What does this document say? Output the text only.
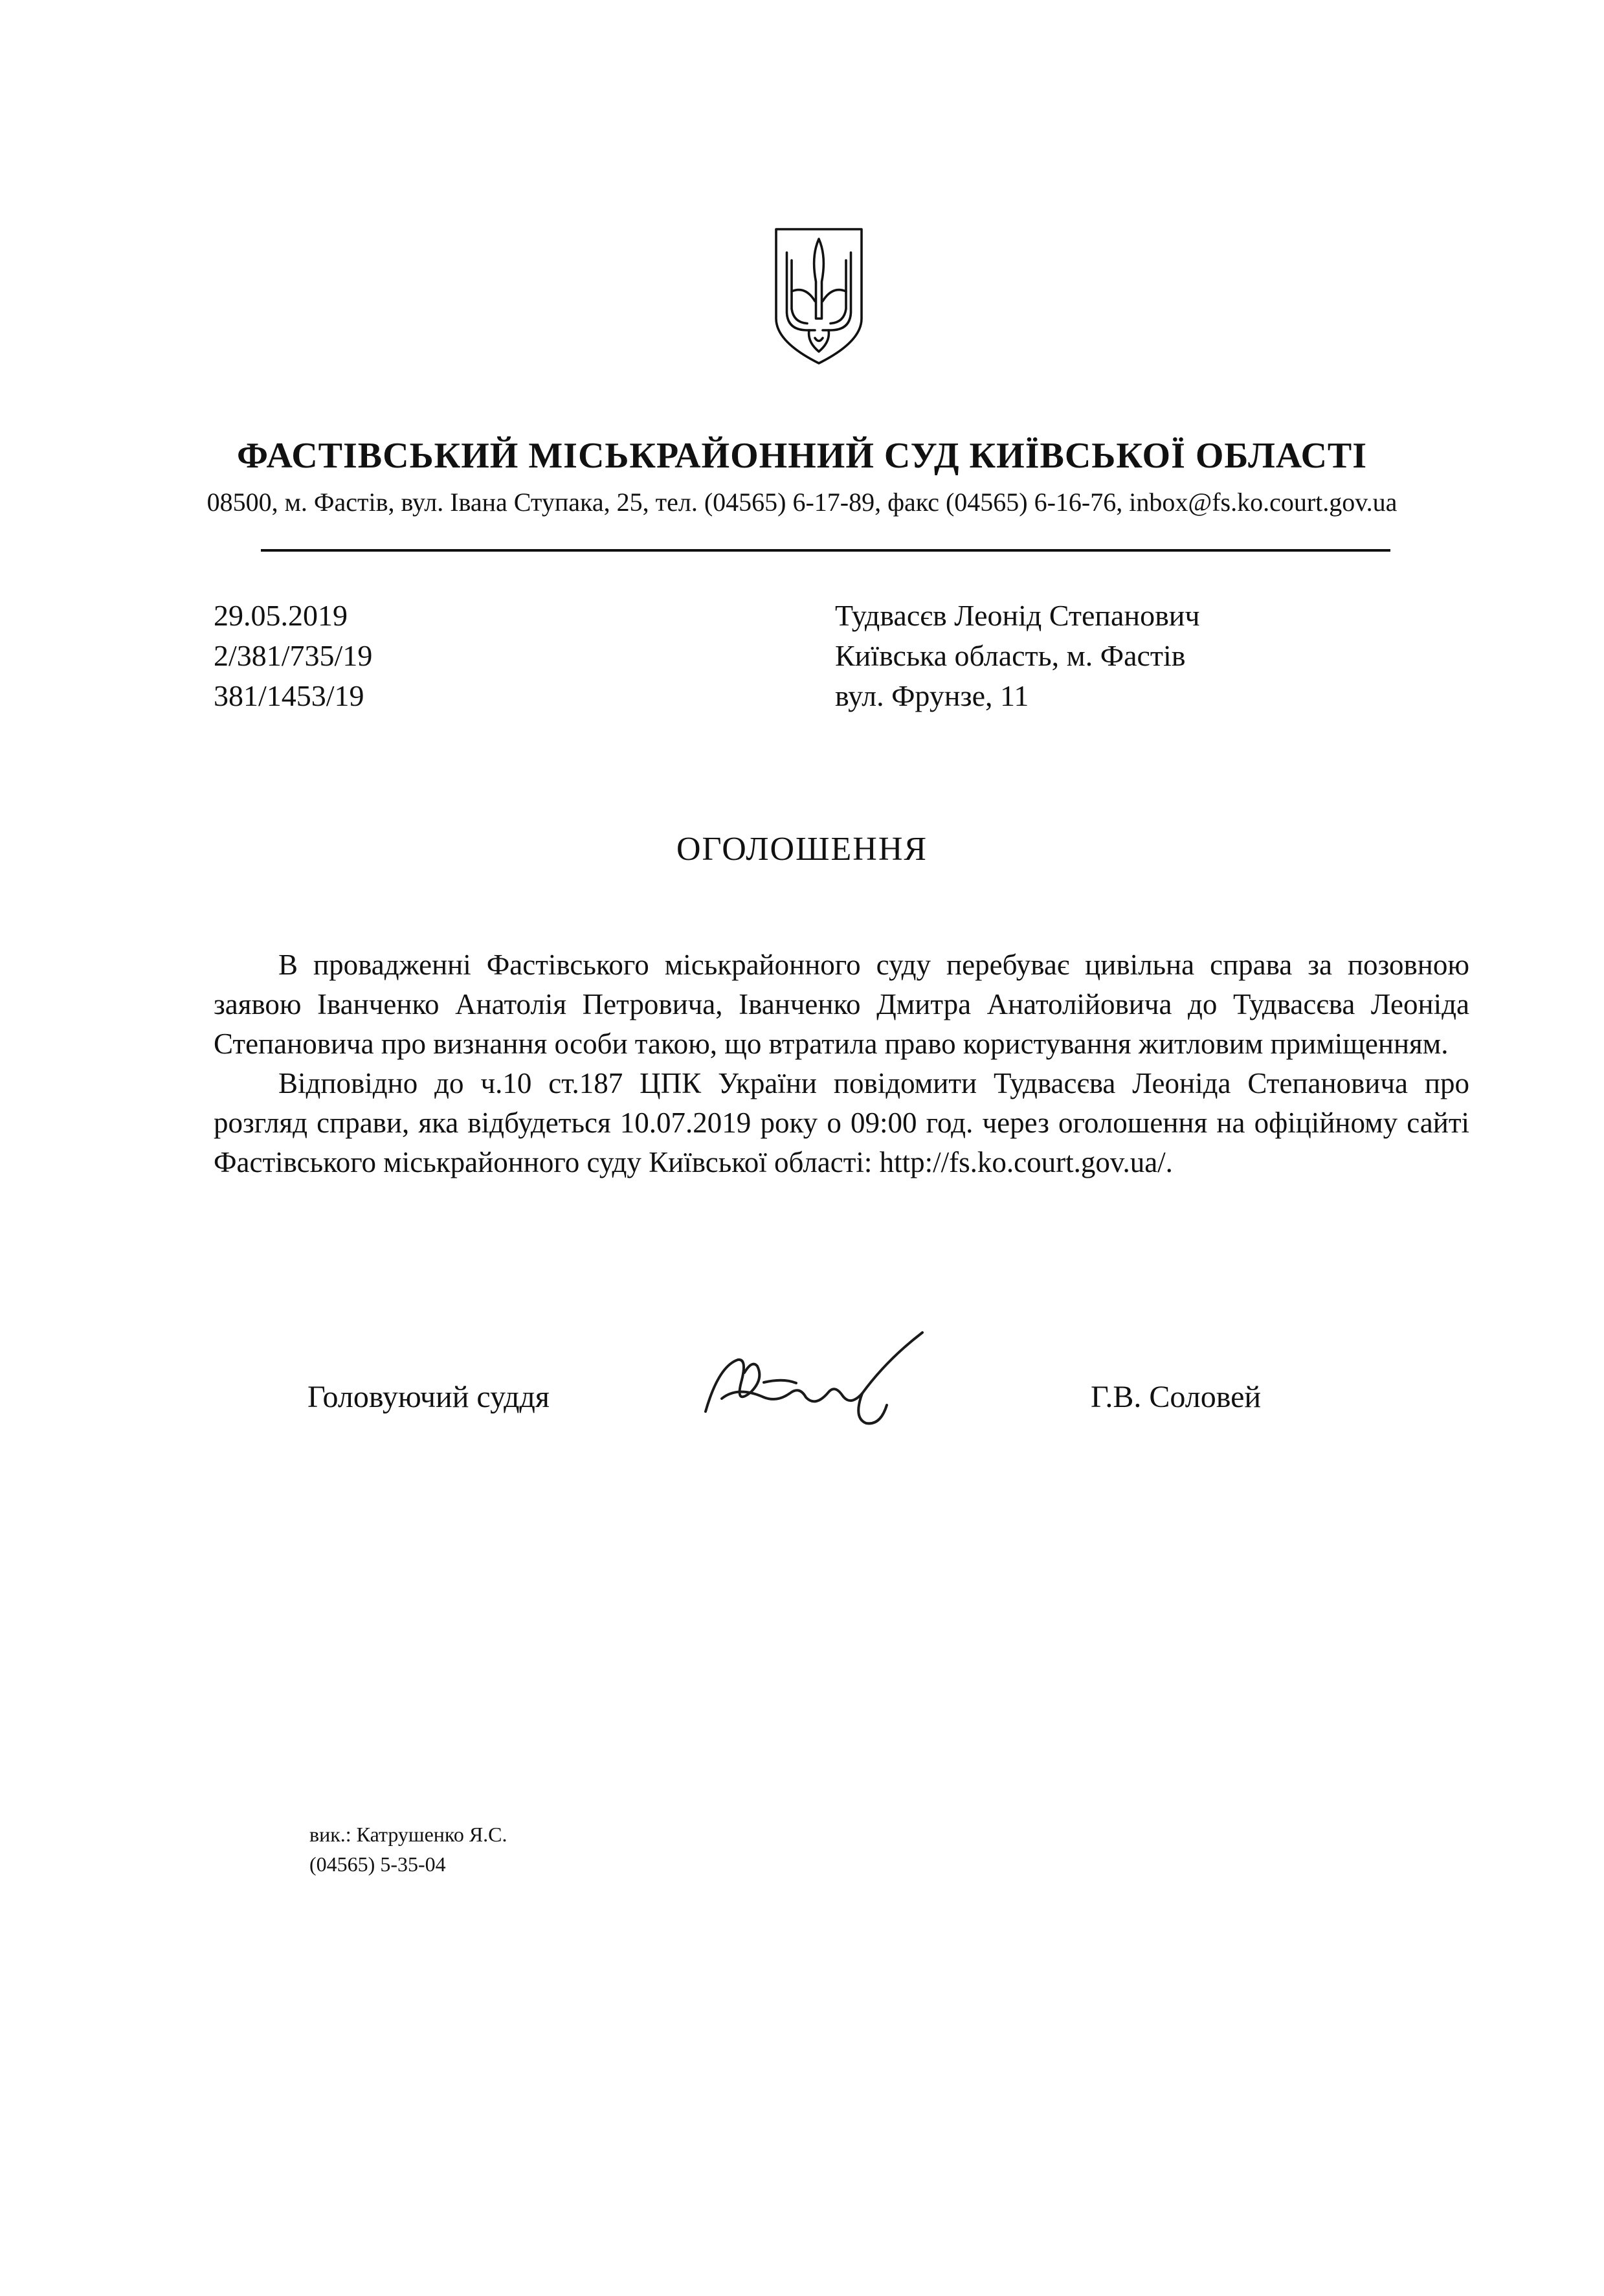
ФАСТІВСЬКИЙ МІСЬКРАЙОННИЙ СУД КИЇВСЬКОЇ ОБЛАСТІ
08500, м. Фастів, вул. Івана Ступака, 25, тел. (04565) 6-17-89, факс (04565) 6-16-76, inbox@fs.ko.court.gov.ua
29.05.2019
2/381/735/19
381/1453/19
Тудвасєв Леонід Степанович
Київська область, м. Фастів
вул. Фрунзе, 11
ОГОЛОШЕННЯ

В провадженні Фастівського міськрайонного суду перебуває цивільна справа за позовною заявою Іванченко Анатолія Петровича, Іванченко Дмитра Анатолійовича до Тудвасєва Леоніда Степановича про визнання особи такою, що втратила право користування житловим приміщенням.

Відповідно до ч.10 ст.187 ЦПК України повідомити Тудвасєва Леоніда Степановича про розгляд справи, яка відбудеться 10.07.2019 року о 09:00 год. через оголошення на офіційному сайті Фастівського міськрайонного суду Київської області: http://fs.ko.court.gov.ua/.

Головуючий суддя	Г.В. Соловей
вик.: Катрушенко Я.С.
(04565) 5-35-04
